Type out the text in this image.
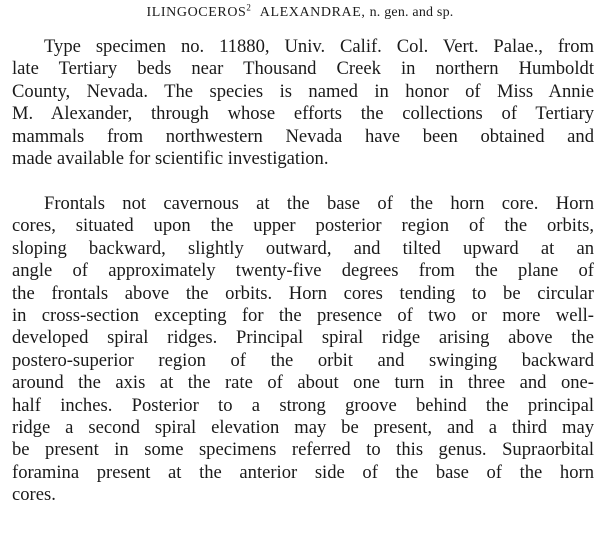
ILINGOCEROS$^2$ ALEXANDRAE, n. gen. and sp.

Type specimen no. 11880, Univ. Calif. Col. Vert. Palae., from
late Tertiary beds near Thousand Creek in northern Humboldt
County, Nevada. The species is named in honor of Miss Annie
M. Alexander, through whose efforts the collections of Tertiary
mammals from northwestern Nevada have been obtained and
made available for scientific investigation.

Frontals not cavernous at the base of the horn core. Horn
cores, situated upon the upper posterior region of the orbits,
sloping backward, slightly outward, and tilted upward at an
angle of approximately twenty-five degrees from the plane of
the frontals above the orbits. Horn cores tending to be circular
in cross-section excepting for the presence of two or more well-
developed spiral ridges. Principal spiral ridge arising above the
postero-superior region of the orbit and swinging backward
around the axis at the rate of about one turn in three and one-
half inches. Posterior to a strong groove behind the principal
ridge a second spiral elevation may be present, and a third may
be present in some specimens referred to this genus. Supraorbital
foramina present at the anterior side of the base of the horn
cores.
